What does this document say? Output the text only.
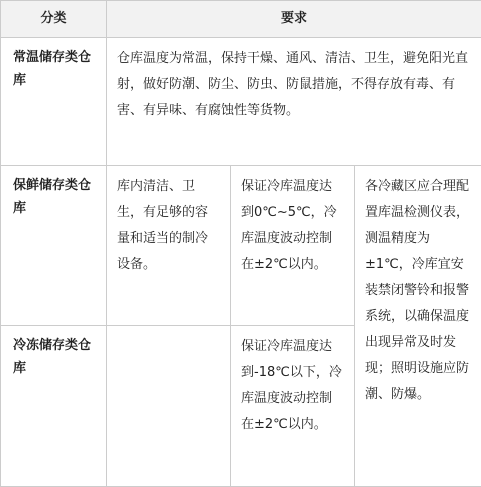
分类	要求		

常温储存类仓库	仓库温度为常温，保持干燥、通风、清洁、卫生，避免阳光直射，做好防潮、防尘、防虫、防鼠措施，不得存放有毒、有害、有异味、有腐蚀性等货物。		

保鲜储存类仓库	库内清洁、卫生，有足够的容量和适当的制冷设备。	保证冷库温度达到0℃~5℃，冷库温度波动控制在±2℃以内。	各冷藏区应合理配置库温检测仪表，测温精度为±1℃，冷库宜安装禁闭警铃和报警系统，以确保温度出现异常及时发现；照明设施应防潮、防爆。

冷冻储存类仓库		保证冷库温度达到-18℃以下，冷库温度波动控制在±2℃以内。	
